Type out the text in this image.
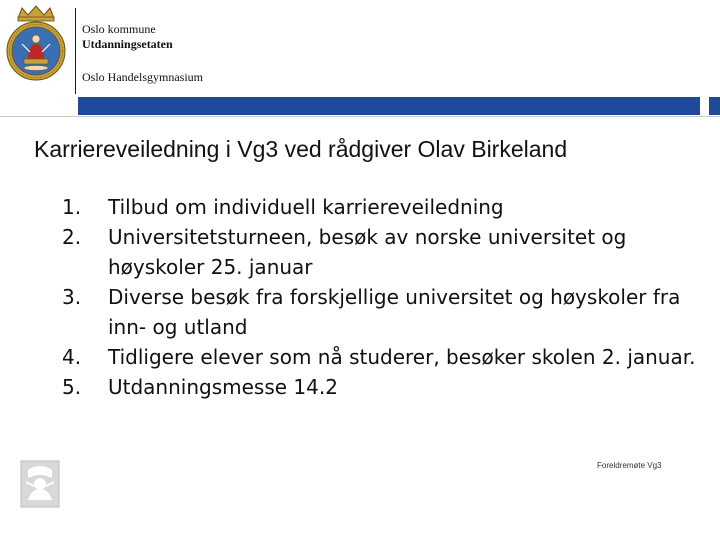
Oslo kommune
Utdanningsetaten
Oslo Handelsgymnasium
Karriereveiledning i Vg3 ved rådgiver Olav Birkeland
1. Tilbud om individuell karriereveiledning
2. Universitetsturneen, besøk av norske universitet og høyskoler 25. januar
3. Diverse besøk fra forskjellige universitet og høyskoler fra inn- og utland
4. Tidligere elever som nå studerer, besøker skolen 2. januar.
5. Utdanningsmesse 14.2
Foreldremøte Vg3
